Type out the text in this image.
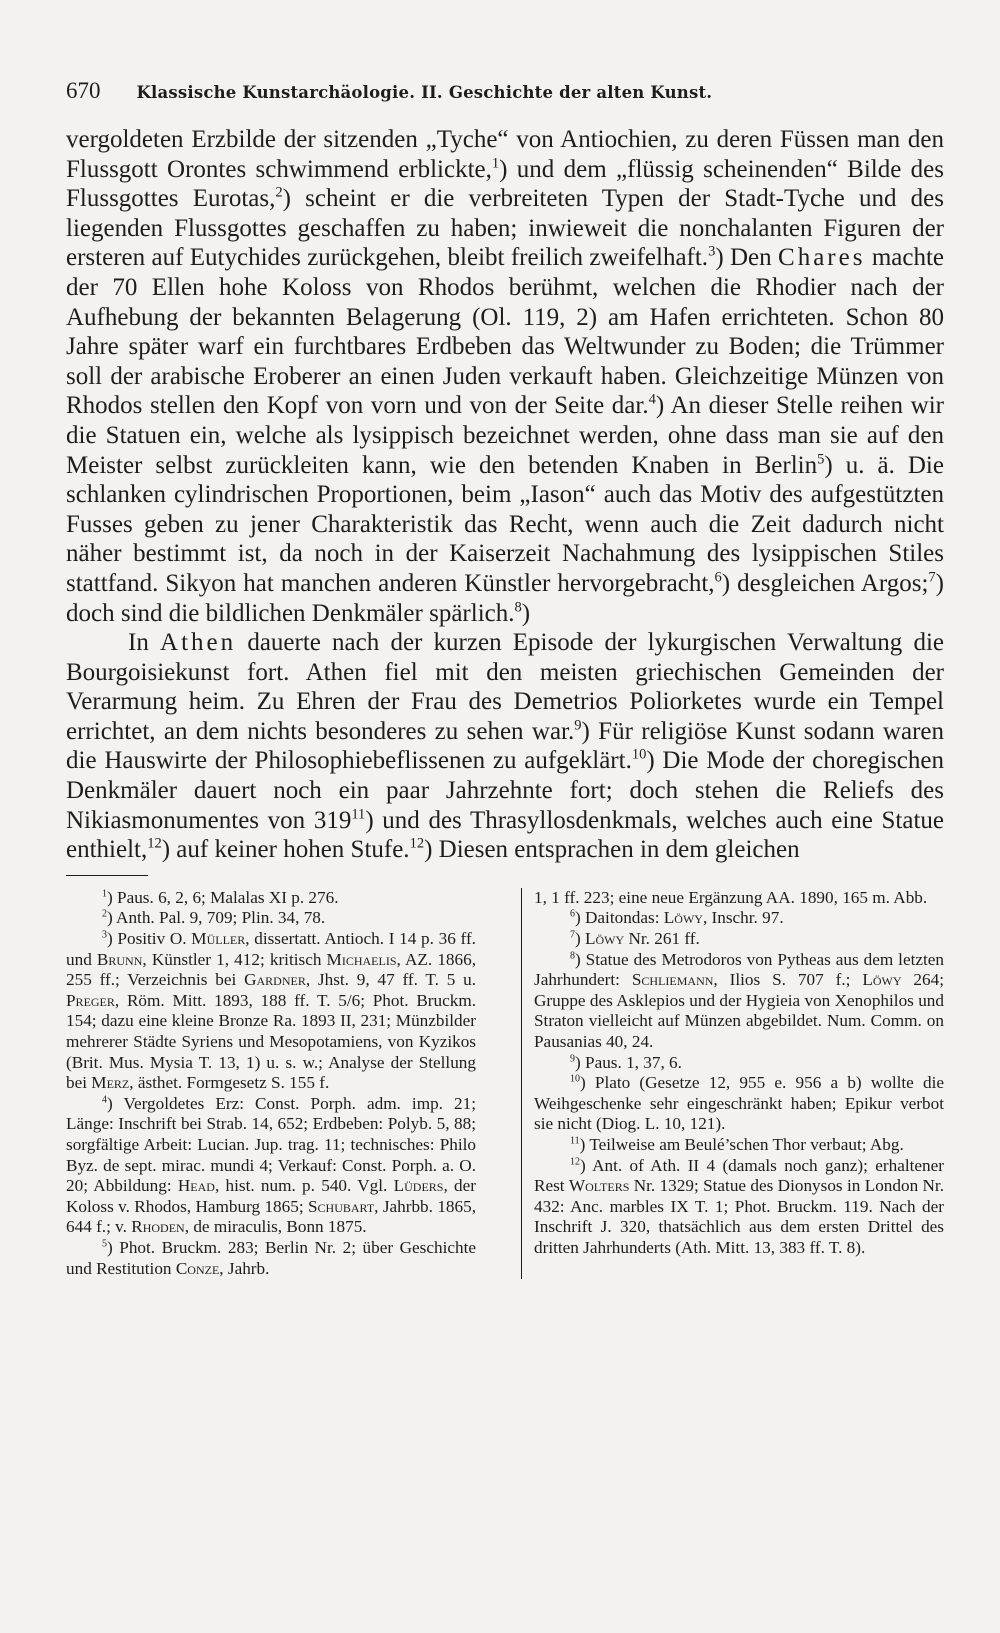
670 Klassische Kunstarchäologie. II. Geschichte der alten Kunst.

vergoldeten Erzbilde der sitzenden „Tyche“ von Antiochien, zu deren Füssen man den Flussgott Orontes schwimmend erblickte,$^1$) und dem „flüssig scheinenden“ Bilde des Flussgottes Eurotas,$^2$) scheint er die verbreiteten Typen der Stadt-Tyche und des liegenden Flussgottes geschaffen zu haben; inwieweit die nonchalanten Figuren der ersteren auf Eutychides zurückgehen, bleibt freilich zweifelhaft.$^3$) Den Chares machte der 70 Ellen hohe Koloss von Rhodos berühmt, welchen die Rhodier nach der Aufhebung der bekannten Belagerung (Ol. 119, 2) am Hafen errichteten. Schon 80 Jahre später warf ein furchtbares Erdbeben das Weltwunder zu Boden; die Trümmer soll der arabische Eroberer an einen Juden verkauft haben. Gleichzeitige Münzen von Rhodos stellen den Kopf von vorn und von der Seite dar.$^4$) An dieser Stelle reihen wir die Statuen ein, welche als lysippisch bezeichnet werden, ohne dass man sie auf den Meister selbst zurückleiten kann, wie den betenden Knaben in Berlin$^5$) u. ä. Die schlanken cylindrischen Proportionen, beim „Iason“ auch das Motiv des aufgestützten Fusses geben zu jener Charakteristik das Recht, wenn auch die Zeit dadurch nicht näher bestimmt ist, da noch in der Kaiserzeit Nachahmung des lysippischen Stiles stattfand. Sikyon hat manchen anderen Künstler hervorgebracht,$^6$) desgleichen Argos;$^7$) doch sind die bildlichen Denkmäler spärlich.$^8$)

In Athen dauerte nach der kurzen Episode der lykurgischen Verwaltung die Bourgoisiekunst fort. Athen fiel mit den meisten griechischen Gemeinden der Verarmung heim. Zu Ehren der Frau des Demetrios Poliorketes wurde ein Tempel errichtet, an dem nichts besonderes zu sehen war.$^9$) Für religiöse Kunst sodann waren die Hauswirte der Philosophiebeflissenen zu aufgeklärt.$^{10}$) Die Mode der choregischen Denkmäler dauert noch ein paar Jahrzehnte fort; doch stehen die Reliefs des Nikiasmonumentes von $319^{11}$) und des Thrasyllosdenkmals, welches auch eine Statue enthielt,$^{12}$) auf keiner hohen Stufe.$^{12}$) Diesen entsprachen in dem gleichen

$^1$) Paus. 6, 2, 6; Malalas XI p. 276.

$^2$) Anth. Pal. 9, 709; Plin. 34, 78.

$^3$) Positiv O. Müller, dissertatt. Antioch. I 14 p. 36 ff. und Brunn, Künstler 1, 412; kritisch Michaelis, AZ. 1866, 255 ff.; Verzeichnis bei Gardner, Jhst. 9, 47 ff. T. 5 u. Preger, Röm. Mitt. 1893, 188 ff. T. 5/6; Phot. Bruckm. 154; dazu eine kleine Bronze Ra. 1893 II, 231; Münzbilder mehrerer Städte Syriens und Mesopotamiens, von Kyzikos (Brit. Mus. Mysia T. 13, 1) u. s. w.; Analyse der Stellung bei Merz, ästhet. Formgesetz S. 155 f.

$^4$) Vergoldetes Erz: Const. Porph. adm. imp. 21; Länge: Inschrift bei Strab. 14, 652; Erdbeben: Polyb. 5, 88; sorgfältige Arbeit: Lucian. Jup. trag. 11; technisches: Philo Byz. de sept. mirac. mundi 4; Verkauf: Const. Porph. a. O. 20; Abbildung: Head, hist. num. p. 540. Vgl. Lüders, der Koloss v. Rhodos, Hamburg 1865; Schubart, Jahrbb. 1865, 644 f.; v. Rhoden, de miraculis, Bonn 1875.

$^5$) Phot. Bruckm. 283; Berlin Nr. 2; über Geschichte und Restitution Conze, Jahrb.

1, 1 ff. 223; eine neue Ergänzung AA. 1890, 165 m. Abb.

$^6$) Daitondas: Löwy, Inschr. 97.

$^7$) Löwy Nr. 261 ff.

$^8$) Statue des Metrodoros von Pytheas aus dem letzten Jahrhundert: Schliemann, Ilios S. 707 f.; Löwy 264; Gruppe des Asklepios und der Hygieia von Xenophilos und Straton vielleicht auf Münzen abgebildet. Num. Comm. on Pausanias 40, 24.

$^9$) Paus. 1, 37, 6.

$^{10}$) Plato (Gesetze 12, 955 e. 956 a b) wollte die Weihgeschenke sehr eingeschränkt haben; Epikur verbot sie nicht (Diog. L. 10, 121).

$^{11}$) Teilweise am Beulé’schen Thor verbaut; Abg.

$^{12}$) Ant. of Ath. II 4 (damals noch ganz); erhaltener Rest Wolters Nr. 1329; Statue des Dionysos in London Nr. 432: Anc. marbles IX T. 1; Phot. Bruckm. 119. Nach der Inschrift J. 320, thatsächlich aus dem ersten Drittel des dritten Jahrhunderts (Ath. Mitt. 13, 383 ff. T. 8).
